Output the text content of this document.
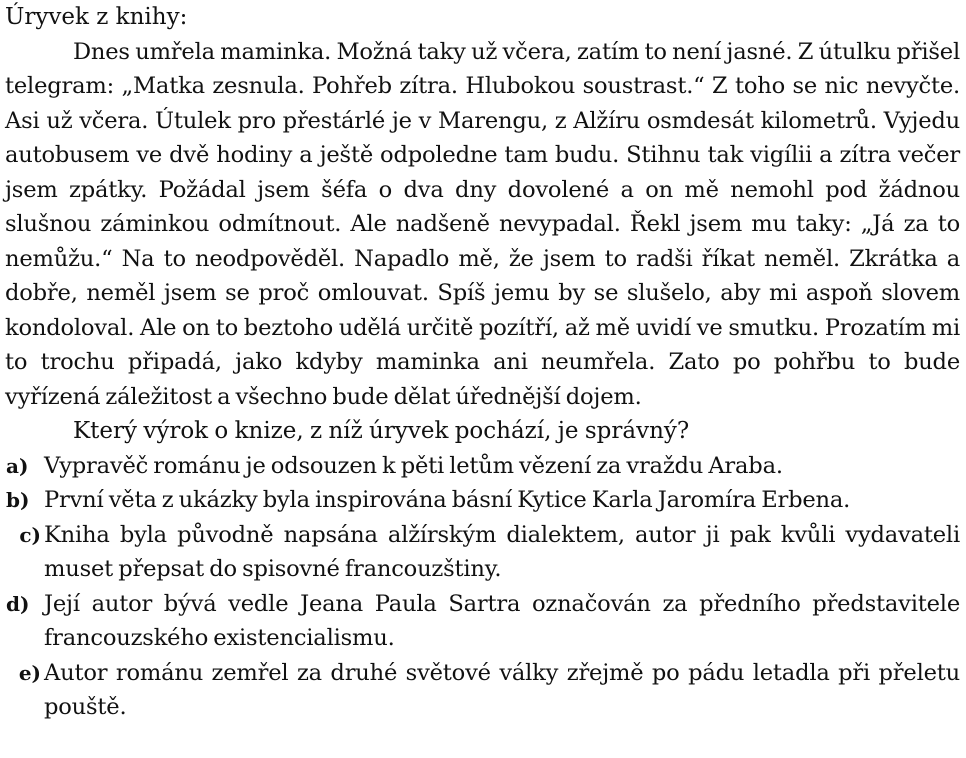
Úryvek z knihy:

Dnes umřela maminka. Možná taky už včera, zatím to není jasné. Z útulku přišel telegram: „Matka zesnula. Pohřeb zítra. Hlubokou soustrast.“ Z toho se nic nevyčte. Asi už včera. Útulek pro přestárlé je v Marengu, z Alžíru osmdesát kilometrů. Vyjedu autobusem ve dvě hodiny a ještě odpoledne tam budu. Stihnu tak vigílii a zítra večer jsem zpátky. Požádal jsem šéfa o dva dny dovolené a on mě nemohl pod žádnou slušnou záminkou odmítnout. Ale nadšeně nevypadal. Řekl jsem mu taky: „Já za to nemůžu.“ Na to neodpověděl. Napadlo mě, že jsem to radši říkat neměl. Zkrátka a dobře, neměl jsem se proč omlouvat. Spíš jemu by se slušelo, aby mi aspoň slovem kondoloval. Ale on to beztoho udělá určitě pozítří, až mě uvidí ve smutku. Prozatím mi to trochu připadá, jako kdyby maminka ani neumřela. Zato po pohřbu to bude vyřízená záležitost a všechno bude dělat úřednější dojem.

Který výrok o knize, z níž úryvek pochází, je správný?

a) Vypravěč románu je odsouzen k pěti letům vězení za vraždu Araba.
b) První věta z ukázky byla inspirována básní Kytice Karla Jaromíra Erbena.
c) Kniha byla původně napsána alžírským dialektem, autor ji pak kvůli vydavateli muset přepsat do spisovné francouzštiny.
d) Její autor bývá vedle Jeana Paula Sartra označován za předního představitele francouzského existencialismu.
e) Autor románu zemřel za druhé světové války zřejmě po pádu letadla při přeletu pouště.
